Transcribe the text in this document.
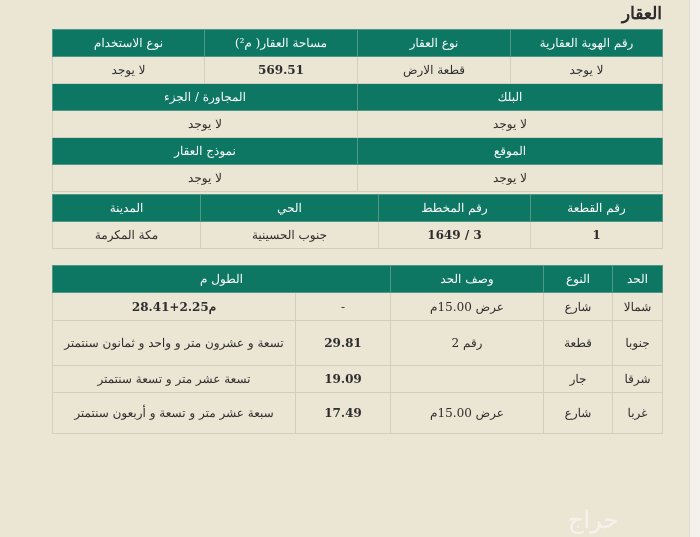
العقار
رقم الهوية العقارية	نوع العقار	مساحة العقار( م²)	نوع الاستخدام
لا يوجد	قطعة الارض	569.51	لا يوجد
البلك		المجاورة / الجزء	
لا يوجد		لا يوجد	
الموقع		نموذج العقار	
لا يوجد		لا يوجد	
رقم القطعة	رقم المخطط	الحي	المدينة
1	3 / 1649	جنوب الحسينية	مكة المكرمة
الحد	النوع	وصف الحد	الطول م	
شمالا	شارع	عرض 15.00م	-	م2.25+28.41
جنوبا	قطعة	رقم 2	29.81	تسعة و عشرون متر و واحد و ثمانون سنتمتر
شرقا	جار		19.09	تسعة عشر متر و تسعة سنتمتر
غربا	شارع	عرض 15.00م	17.49	سبعة عشر متر و تسعة و أربعون سنتمتر
حراج
